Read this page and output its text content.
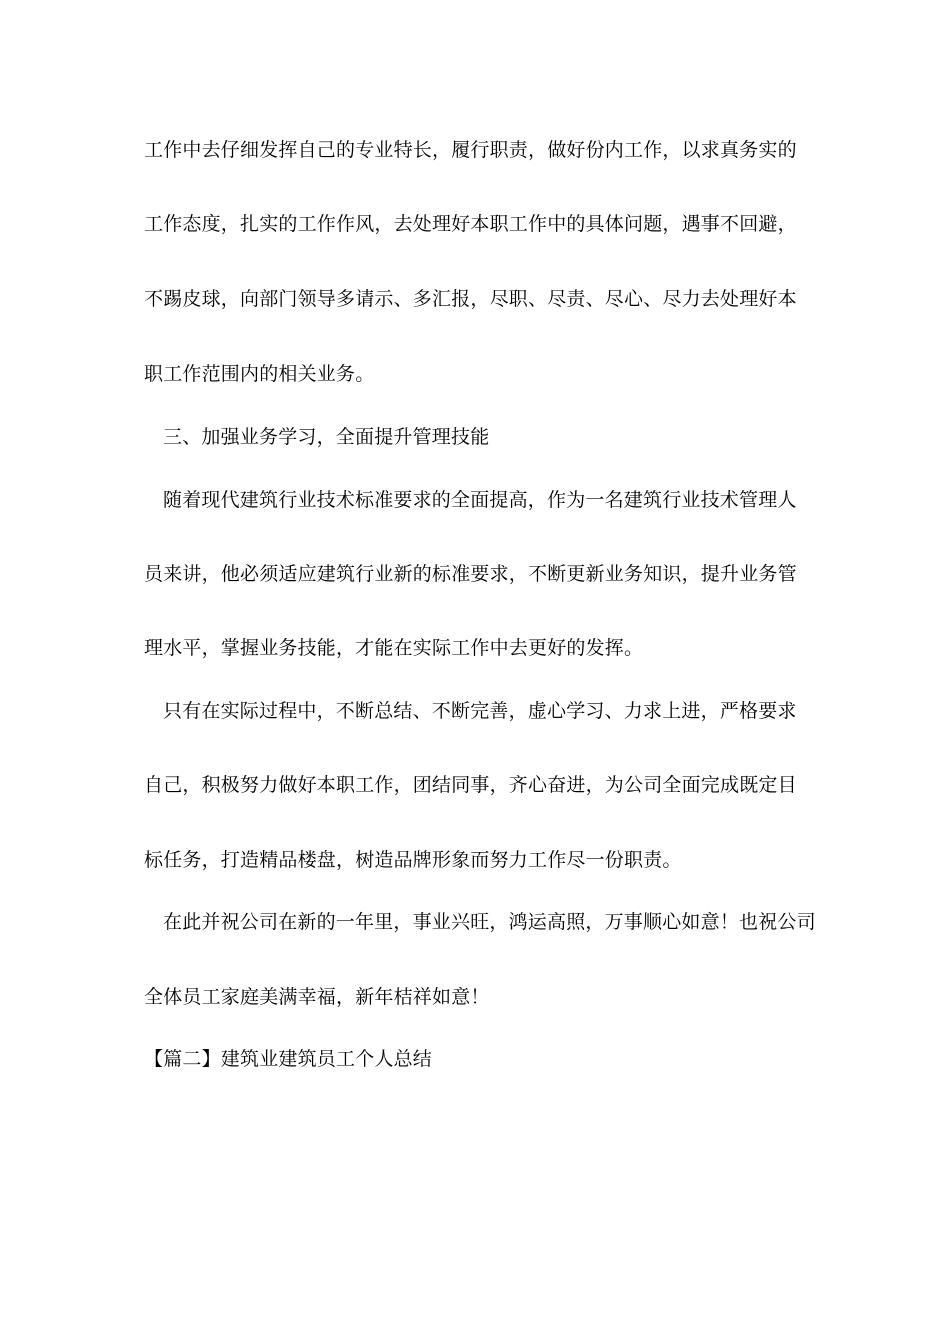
工作中去仔细发挥自己的专业特长，履行职责，做好份内工作，以求真务实的
工作态度，扎实的工作作风，去处理好本职工作中的具体问题，遇事不回避，
不踢皮球，向部门领导多请示、多汇报，尽职、尽责、尽心、尽力去处理好本
职工作范围内的相关业务。
三、加强业务学习，全面提升管理技能
随着现代建筑行业技术标准要求的全面提高，作为一名建筑行业技术管理人
员来讲，他必须适应建筑行业新的标准要求，不断更新业务知识，提升业务管
理水平，掌握业务技能，才能在实际工作中去更好的发挥。
只有在实际过程中，不断总结、不断完善，虚心学习、力求上进，严格要求
自己，积极努力做好本职工作，团结同事，齐心奋进，为公司全面完成既定目
标任务，打造精品楼盘，树造品牌形象而努力工作尽一份职责。
在此并祝公司在新的一年里，事业兴旺，鸿运高照，万事顺心如意！也祝公司
全体员工家庭美满幸福，新年桔祥如意！
【篇二】建筑业建筑员工个人总结
